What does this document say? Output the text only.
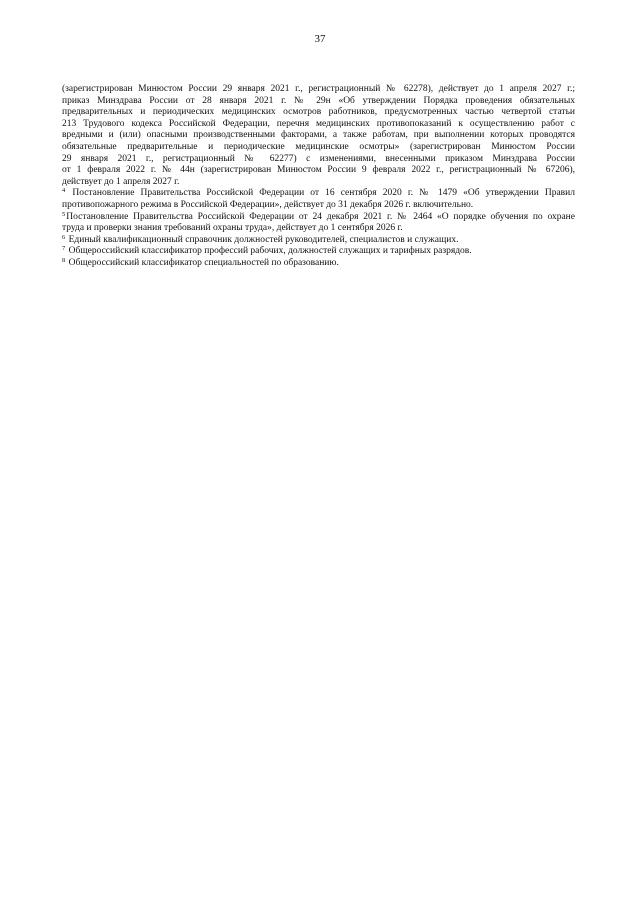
37
(зарегистрирован Минюстом России 29 января 2021 г., регистрационный № 62278), действует до 1 апреля 2027 г.;
приказ Минздрава России от 28 января 2021 г. № 29н «Об утверждении Порядка проведения обязательных
предварительных и периодических медицинских осмотров работников, предусмотренных частью четвертой статьи
213 Трудового кодекса Российской Федерации, перечня медицинских противопоказаний к осуществлению работ с
вредными и (или) опасными производственными факторами, а также работам, при выполнении которых проводятся
обязательные предварительные и периодические медицинские осмотры» (зарегистрирован Минюстом России
29 января 2021 г., регистрационный № 62277) с изменениями, внесенными приказом Минздрава России
от 1 февраля 2022 г. № 44н (зарегистрирован Минюстом России 9 февраля 2022 г., регистрационный № 67206),
действует до 1 апреля 2027 г.
$^4$ Постановление Правительства Российской Федерации от 16 сентября 2020 г. № 1479 «Об утверждении Правил
противопожарного режима в Российской Федерации», действует до 31 декабря 2026 г. включительно.
$^5$Постановление Правительства Российской Федерации от 24 декабря 2021 г. № 2464 «О порядке обучения по охране
труда и проверки знания требований охраны труда», действует до 1 сентября 2026 г.
$^6$ Единый квалификационный справочник должностей руководителей, специалистов и служащих.
$^7$ Общероссийский классификатор профессий рабочих, должностей служащих и тарифных разрядов.
$^8$ Общероссийский классификатор специальностей по образованию.
